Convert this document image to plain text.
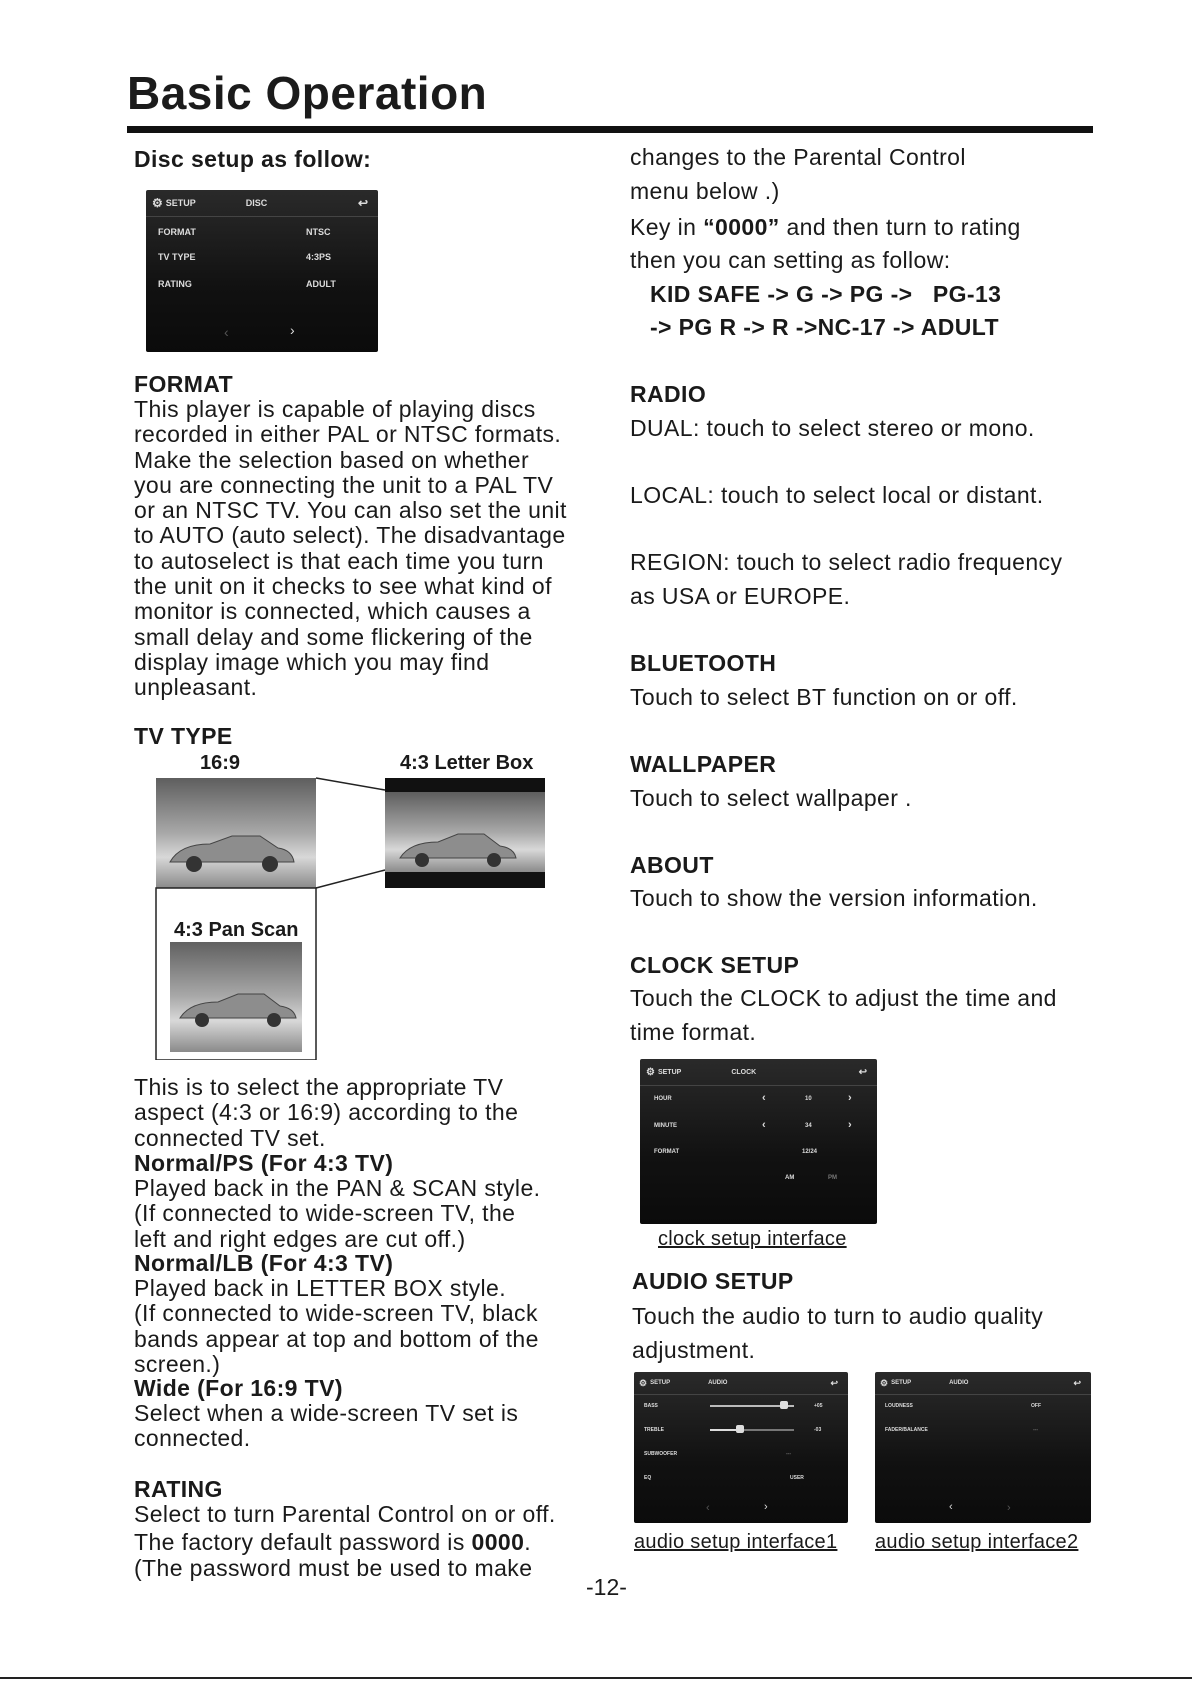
Basic Operation
Disc setup as follow:
⚙ SETUP	DISC	↩
FORMAT	NTSC
TV TYPE	4:3PS
RATING	ADULT
‹	›
FORMAT

This player is capable of playing discs
recorded in either PAL or NTSC formats.
Make the selection based on whether
you are connecting the unit to a PAL TV
or an NTSC TV. You can also set the unit
to AUTO (auto select). The disadvantage
to autoselect is that each time you turn
the unit on it checks to see what kind of
monitor is connected, which causes a
small delay and some flickering of the
display image which you may find
unpleasant.

TV TYPE
16:9	4:3 Letter Box
4:3 Pan Scan

This is to select the appropriate TV
aspect (4:3 or 16:9) according to the
connected TV set.

Normal/PS (For 4:3 TV)

Played back in the PAN & SCAN style.
(If connected to wide-screen TV, the
left and right edges are cut off.)

Normal/LB (For 4:3 TV)

Played back in LETTER BOX style.
(If connected to wide-screen TV, black
bands appear at top and bottom of the
screen.)

Wide (For 16:9 TV)

Select when a wide-screen TV set is
connected.

RATING
Select to turn Parental Control on or off.
The factory default password is 0000.
(The password must be used to make

changes to the Parental Control
menu below .)

Key in “0000” and then turn to rating
then you can setting as follow:
KID SAFE -> G -> PG ->   PG-13
-> PG R -> R ->NC-17 -> ADULT
RADIO
DUAL: touch to select stereo or mono.
LOCAL: touch to select local or distant.

REGION: touch to select radio frequency
as USA or EUROPE.

BLUETOOTH
Touch to select BT function on or off.
WALLPAPER
Touch to select wallpaper .
ABOUT
Touch to show the version information.
CLOCK SETUP

Touch the CLOCK to adjust the time and
time format.

⚙ SETUP	CLOCK	↩
HOUR	‹	10	›
MINUTE	‹	34	›
FORMAT	12/24
AM	PM
clock setup interface
AUDIO SETUP

Touch the audio to turn to audio quality
adjustment.

⚙ SETUP	AUDIO	↩
BASS	+05
TREBLE	-03
SUBWOOFER	---
EQ	USER
‹	›
⚙ SETUP	AUDIO	↩
LOUDNESS	OFF
FADER/BALANCE	---
‹	›
audio setup interface1 audio setup interface2
-12-
